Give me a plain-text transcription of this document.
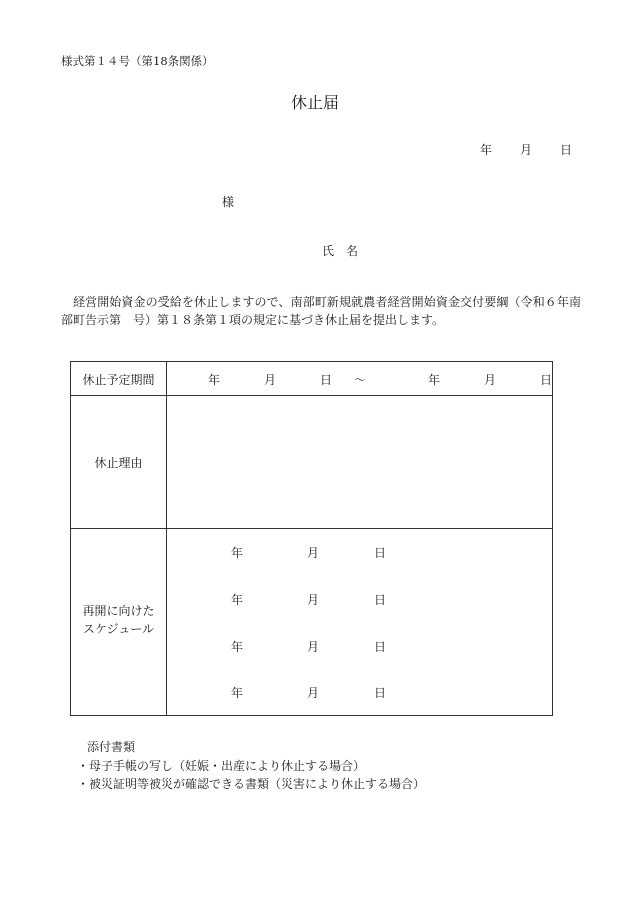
様式第１４号（第18条関係）
休止届
年 月 日
様
氏　名
経営開始資金の受給を休止しますので、南部町新規就農者経営開始資金交付要綱（令和６年南部町告示第　号）第１８条第１項の規定に基づき休止届を提出します。
休止予定期間	年	月	日 ～	年	月	日
休止理由
再開に向けた
スケジュール
年	月	日
年	月	日
年	月	日
年	月	日
添付書類
・母子手帳の写し（妊娠・出産により休止する場合）
・被災証明等被災が確認できる書類（災害により休止する場合）
